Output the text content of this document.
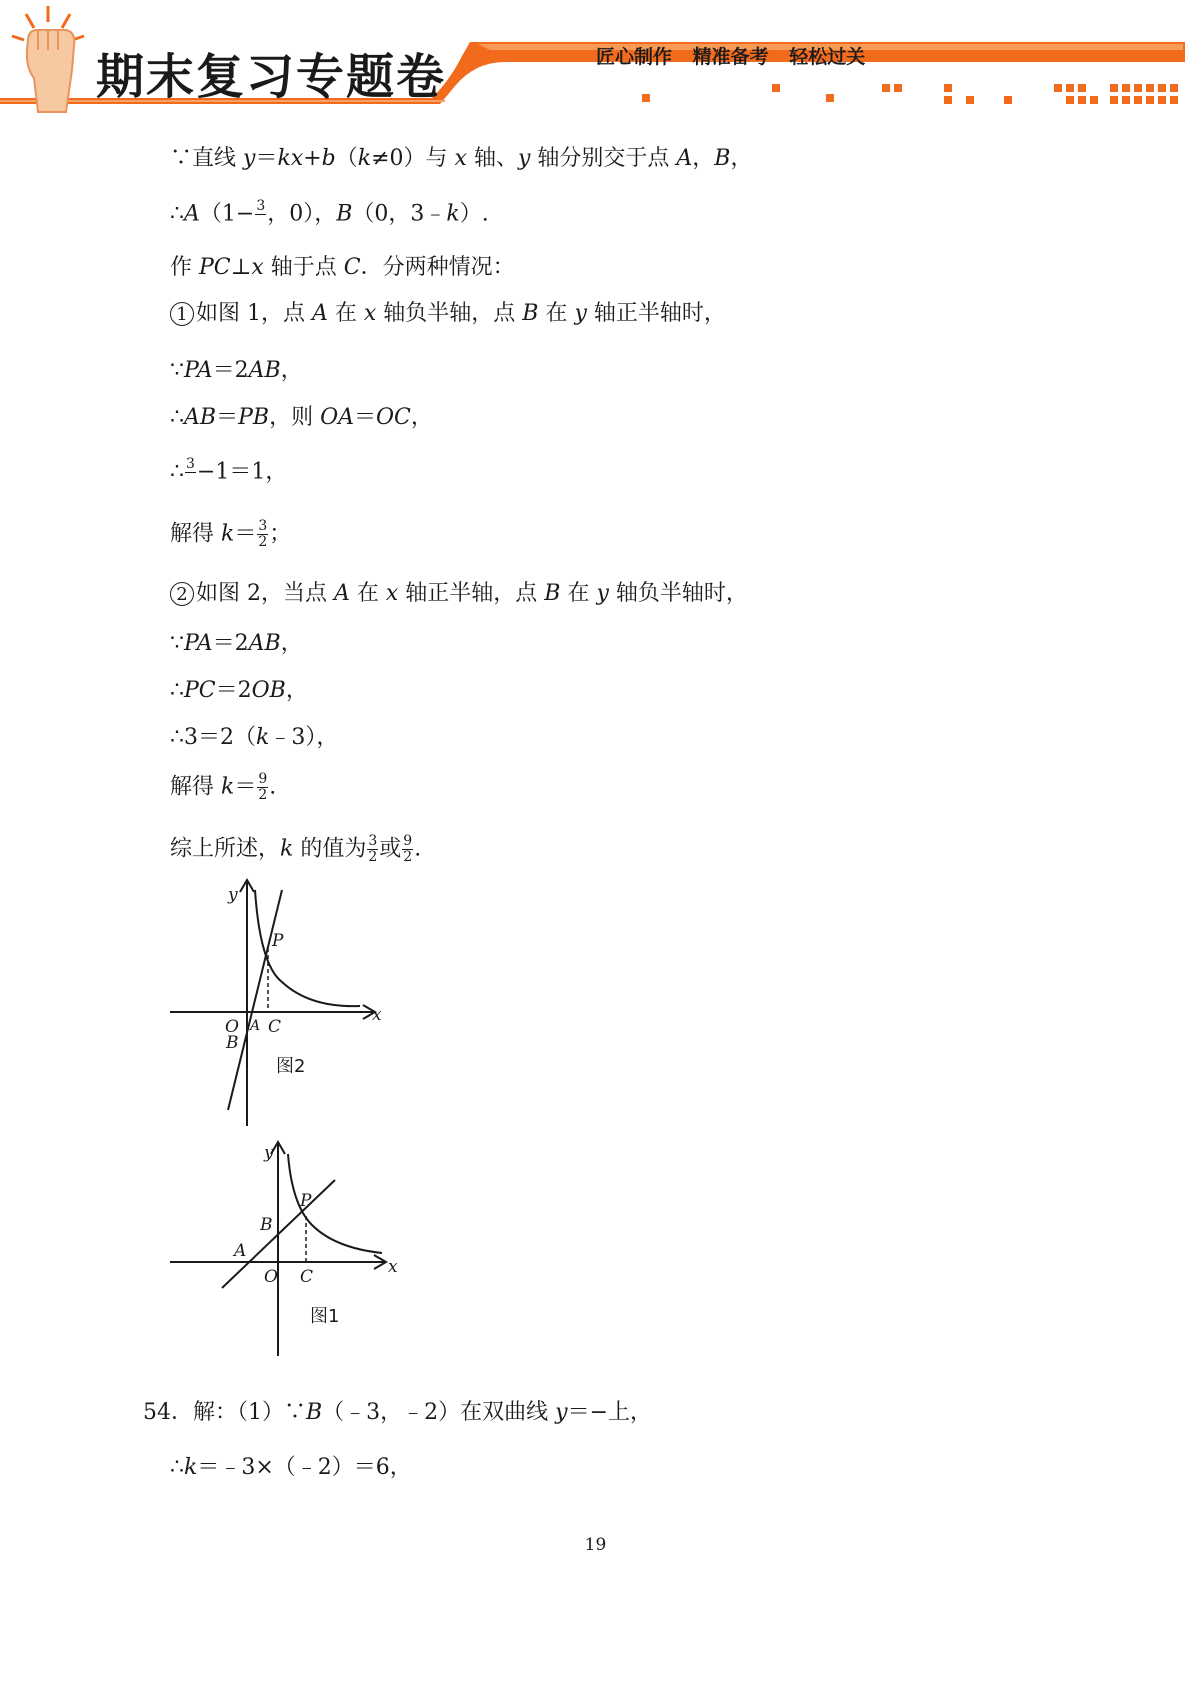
期末复习专题卷	匠心制作 精准备考 轻松过关
∵直线 y＝kx+b（k≠0）与 x 轴、y 轴分别交于点 A，B，
∴A（1− 3
，0），B（0，3﹣k）.
作 PC⊥x 轴于点 C．分两种情况：
1 如图 1，点 A 在 x 轴负半轴，点 B 在 y 轴正半轴时，
∵PA＝2AB，
∴AB＝PB，则 OA＝OC，
∴ 3
−1＝1，
解得 $k= \frac{3}{2}$ ；
2 如图 2，当点 A 在 x 轴正半轴，点 B 在 y 轴负半轴时，
∵PA＝2AB，
∴PC＝2OB，
∴3＝2（k﹣3），
解得 $k= \frac{9}{2}$ .
综上所述，k 的值为 $\frac{3}{2}$ 或 $\frac{9}{2}$ .
y
x
P
O A C
B
图2
y
x
P
B
A
O C
图1
54．解：（1）∵B（﹣3，﹣2）在双曲线 y＝−上，
∴k＝﹣3×（﹣2）＝6，
19
